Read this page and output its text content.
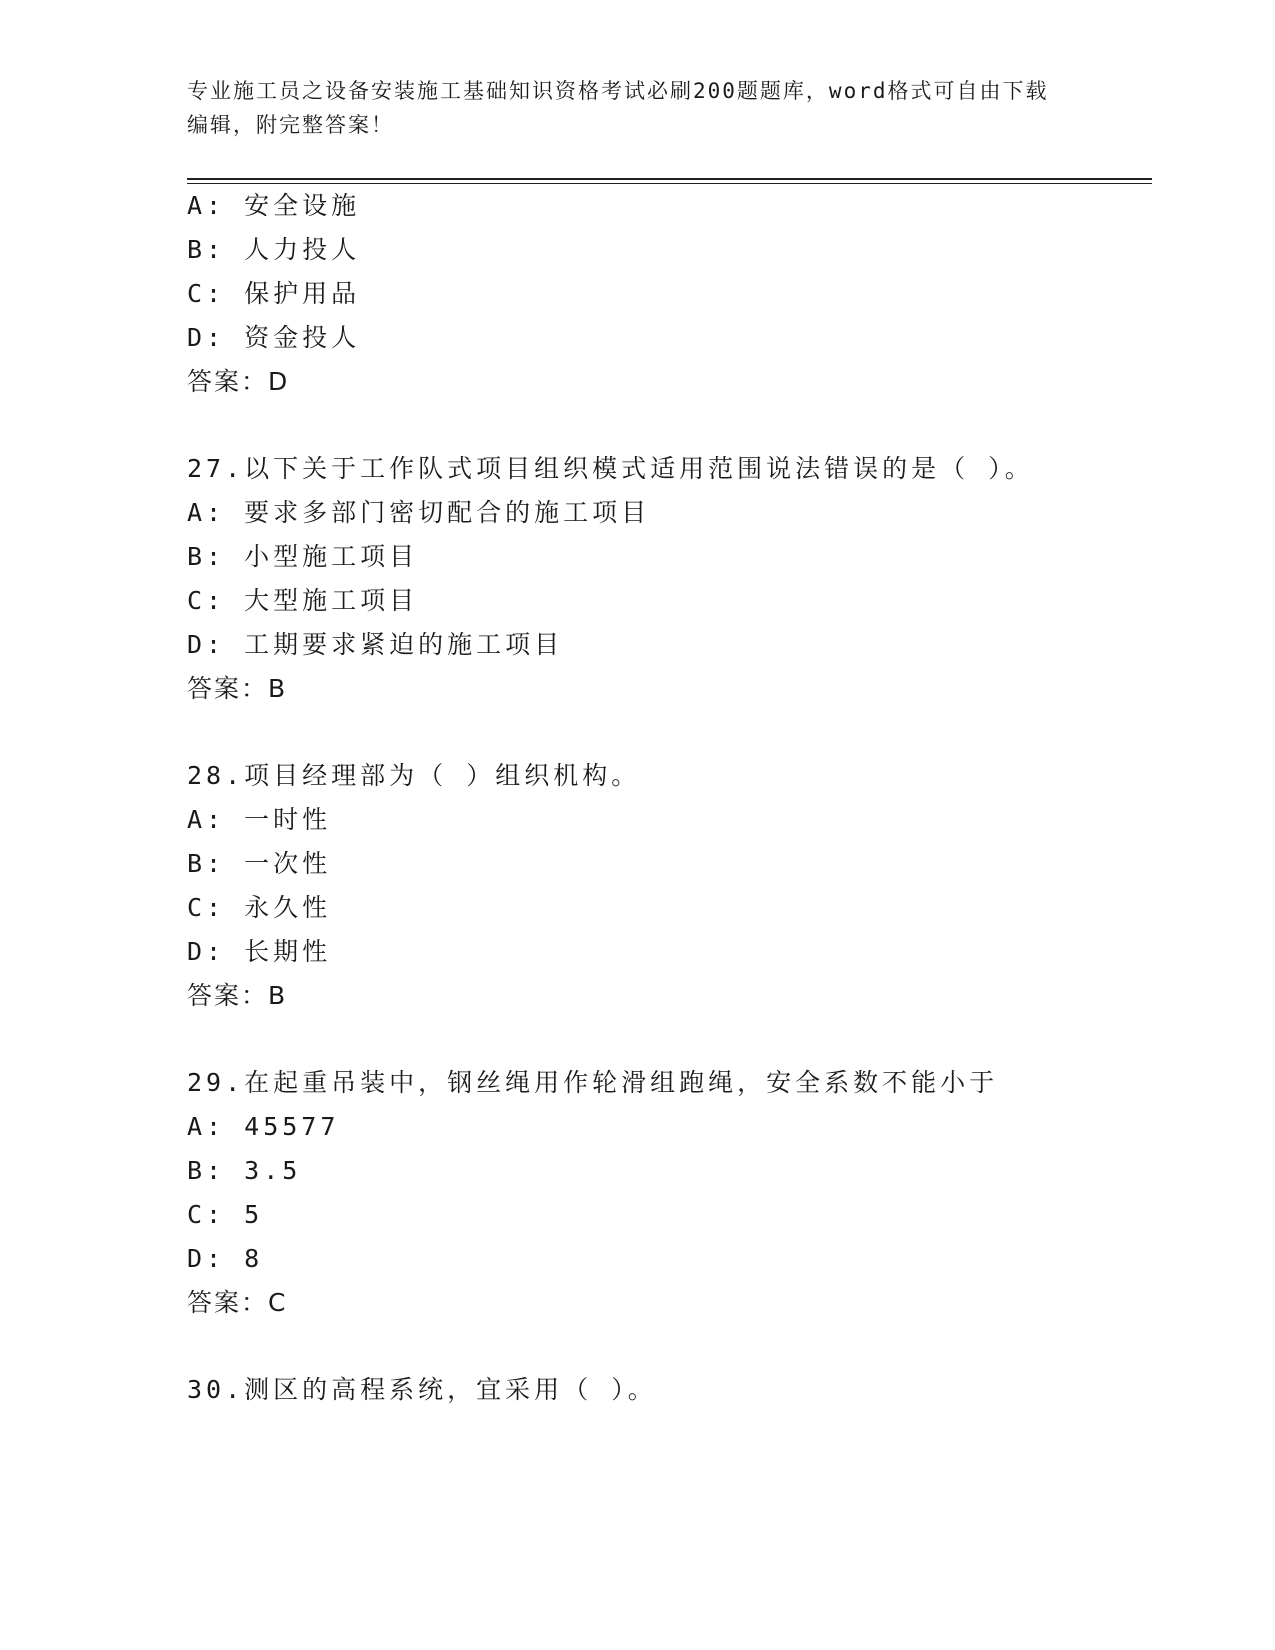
专业施工员之设备安装施工基础知识资格考试必刷200题题库，word格式可自由下载编辑，附完整答案！
A: 安全设施
B: 人力投人
C: 保护用品
D: 资金投人
答案：D
27.以下关于工作队式项目组织模式适用范围说法错误的是（ ）。
A: 要求多部门密切配合的施工项目
B: 小型施工项目
C: 大型施工项目
D: 工期要求紧迫的施工项目
答案：B
28.项目经理部为（ ）组织机构。
A: 一时性
B: 一次性
C: 永久性
D: 长期性
答案：B
29.在起重吊装中，钢丝绳用作轮滑组跑绳，安全系数不能小于
A: 45577
B: 3.5
C: 5
D: 8
答案：C
30.测区的高程系统，宜采用（ ）。
